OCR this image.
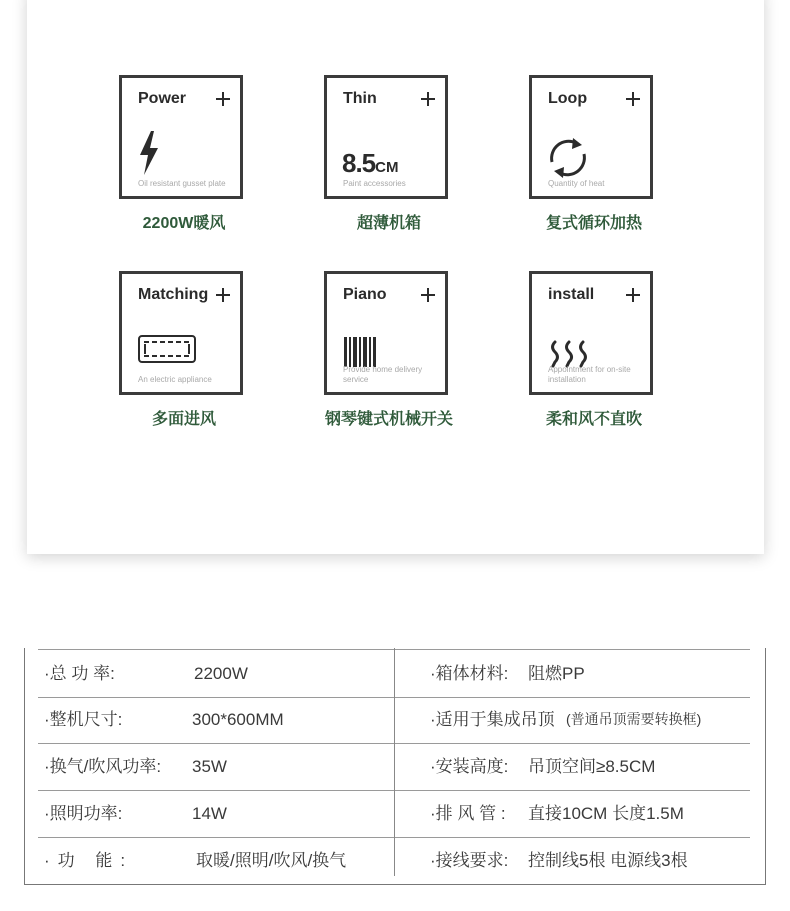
Power
Oil resistant gusset plate
2200W暖风
Thin
8.5CM
Paint accessories
超薄机箱
Loop
Quantity of heat
复式循环加热
Matching
An electric appliance
多面进风
Piano
Provide home delivery service
钢琴键式机械开关
install
Appointment for on-site installation
柔和风不直吹
·总 功 率:	2200W	·箱体材料: 阻燃PP
·整机尺寸:	300*600MM	·适用于集成吊顶 (普通吊顶需要转换框)
·换气/吹风功率: 35W	·安装高度: 吊顶空间≥8.5CM
·照明功率:	14W	·排 风 管 : 直接10CM 长度1.5M
·功 能:	取暖/照明/吹风/换气	·接线要求: 控制线5根 电源线3根
